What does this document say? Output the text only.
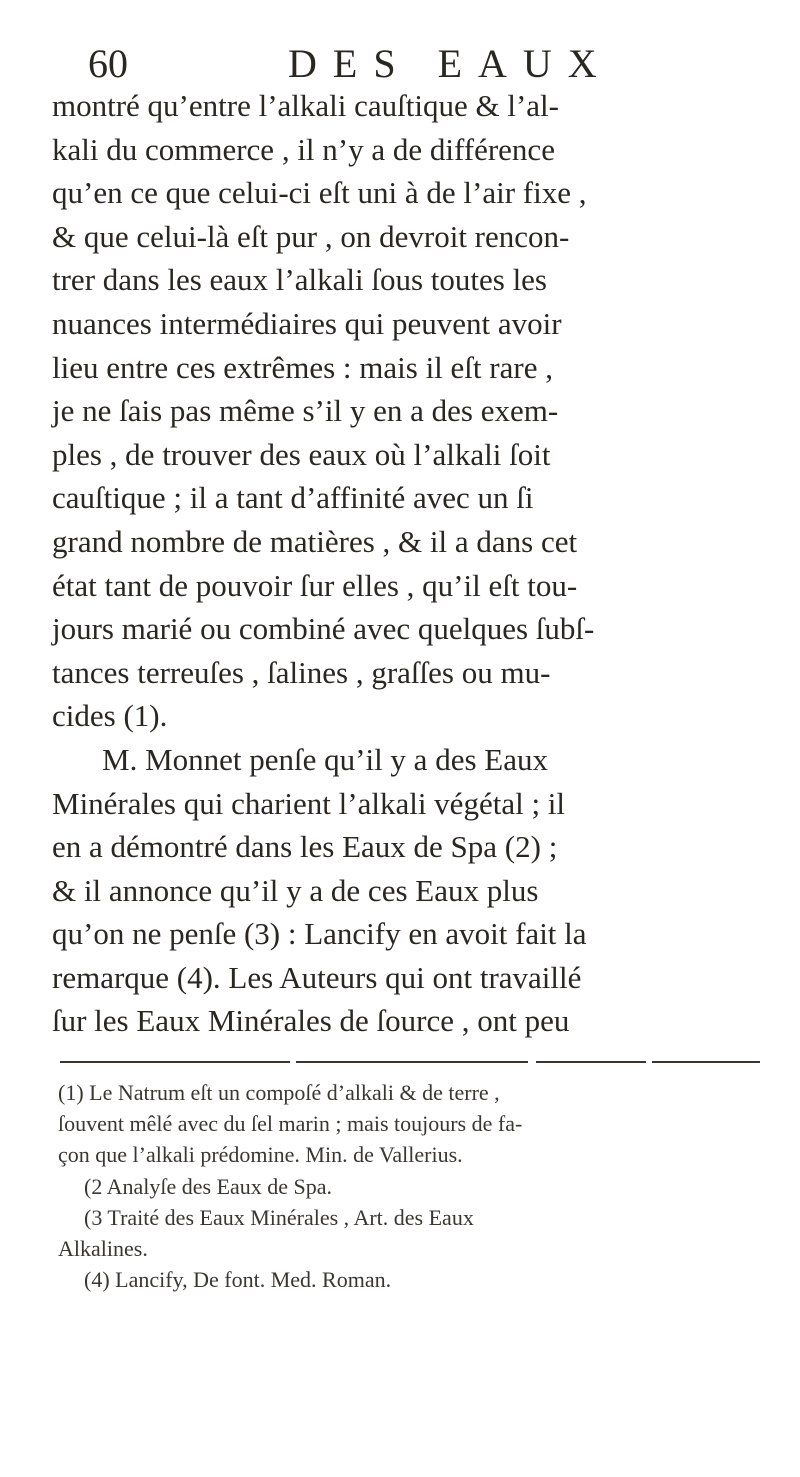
60	DES EAUX
montré qu’entre l’alkali cauſtique & l’al-
kali du commerce , il n’y a de différence
qu’en ce que celui-ci eſt uni à de l’air fixe ,
& que celui-là eſt pur , on devroit rencon-
trer dans les eaux l’alkali ſous toutes les
nuances intermédiaires qui peuvent avoir
lieu entre ces extrêmes : mais il eſt rare ,
je ne ſais pas même s’il y en a des exem-
ples , de trouver des eaux où l’alkali ſoit
cauſtique ; il a tant d’affinité avec un ſi
grand nombre de matières , & il a dans cet
état tant de pouvoir ſur elles , qu’il eſt tou-
jours marié ou combiné avec quelques ſubſ-
tances terreuſes , ſalines , graſſes ou mu-
cides (1).
M. Monnet penſe qu’il y a des Eaux
Minérales qui charient l’alkali végétal ; il
en a démontré dans les Eaux de Spa (2) ;
& il annonce qu’il y a de ces Eaux plus
qu’on ne penſe (3) : Lancify en avoit fait la
remarque (4). Les Auteurs qui ont travaillé
ſur les Eaux Minérales de ſource , ont peu
(1) Le Natrum eſt un compoſé d’alkali & de terre ,
ſouvent mêlé avec du ſel marin ; mais toujours de fa-
çon que l’alkali prédomine. Min. de Vallerius.
(2 Analyſe des Eaux de Spa.
(3 Traité des Eaux Minérales , Art. des Eaux
Alkalines.
(4) Lancify, De font. Med. Roman.
